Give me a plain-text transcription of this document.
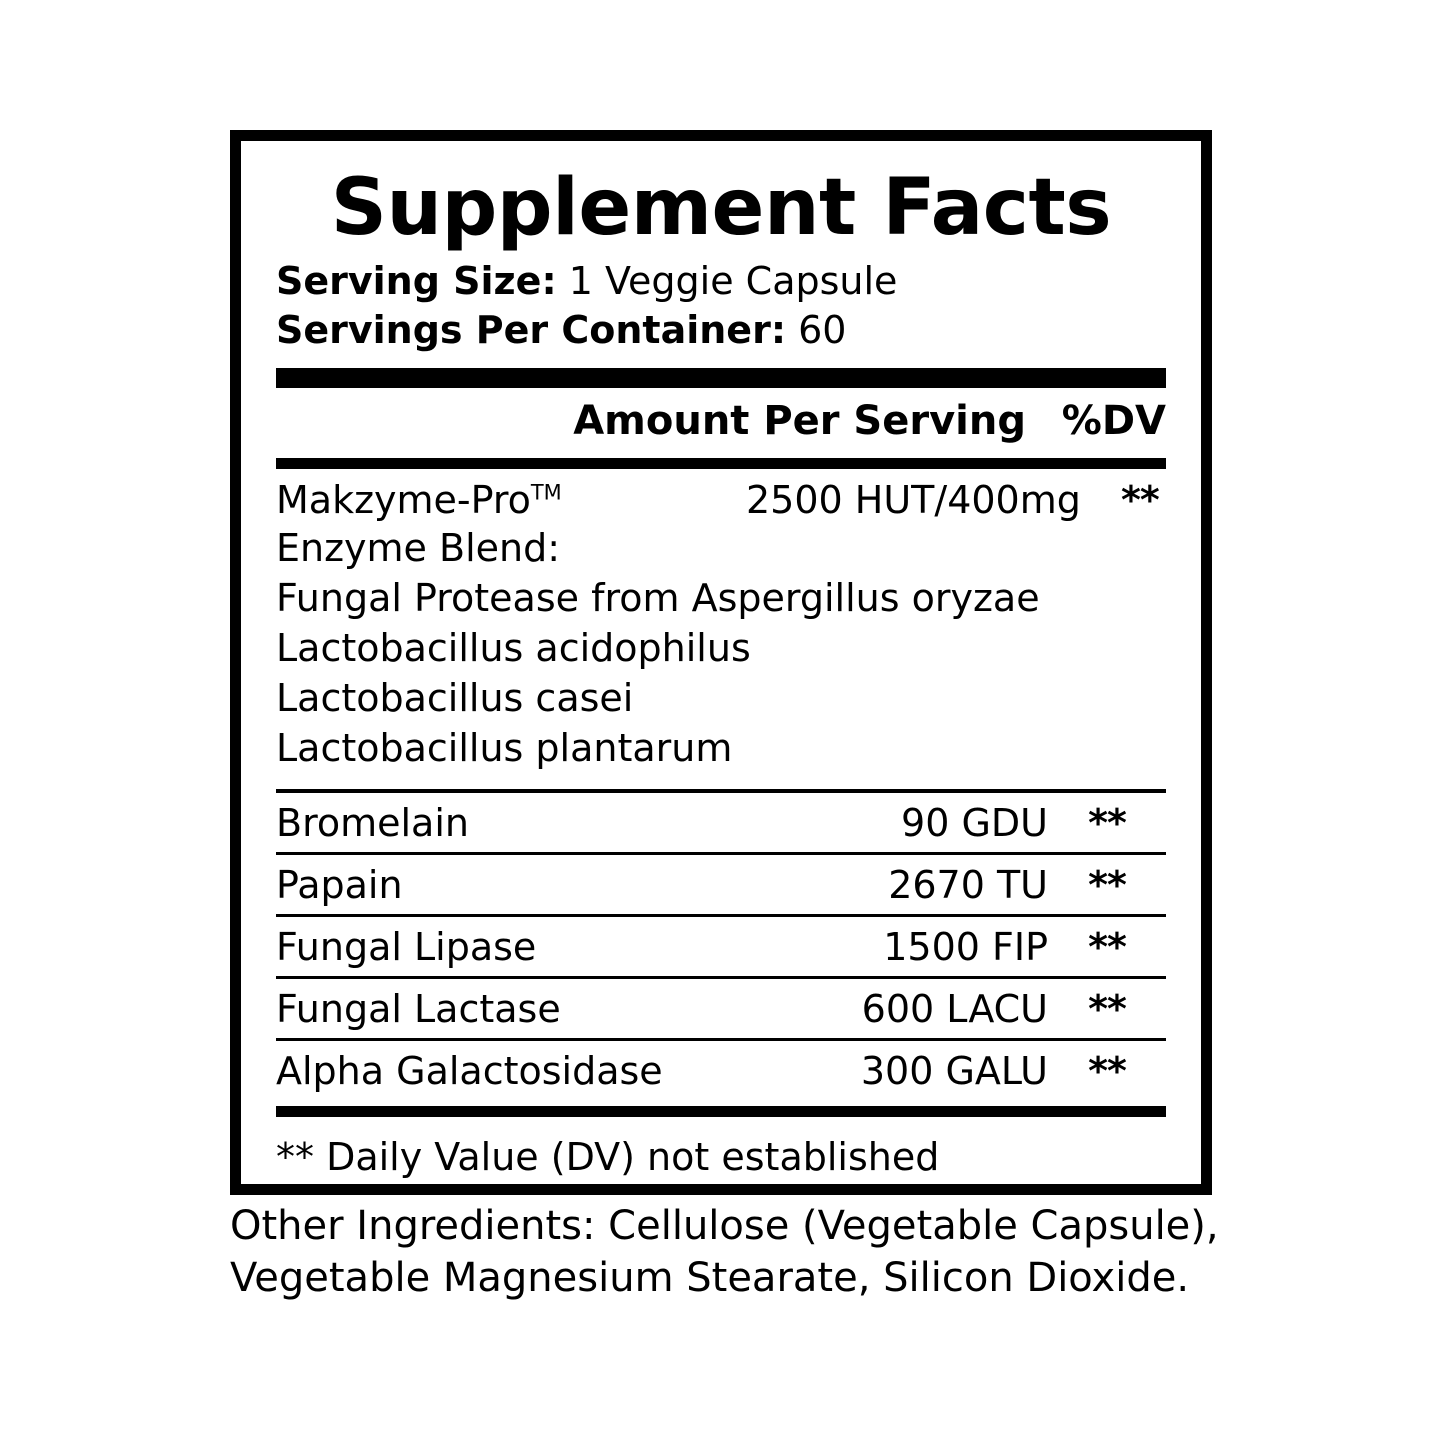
Supplement Facts
Serving Size: 1 Veggie Capsule
Servings Per Container: 60
Amount Per Serving %DV
Makzyme-Pro™	2500 HUT/400mg	**
Enzyme Blend:
Fungal Protease from Aspergillus oryzae
Lactobacillus acidophilus
Lactobacillus casei
Lactobacillus plantarum
Bromelain	90 GDU	**
Papain	2670 TU	**
Fungal Lipase	1500 FIP	**
Fungal Lactase	600 LACU	**
Alpha Galactosidase	300 GALU	**
** Daily Value (DV) not established
Other Ingredients: Cellulose (Vegetable Capsule), Vegetable Magnesium Stearate, Silicon Dioxide.
